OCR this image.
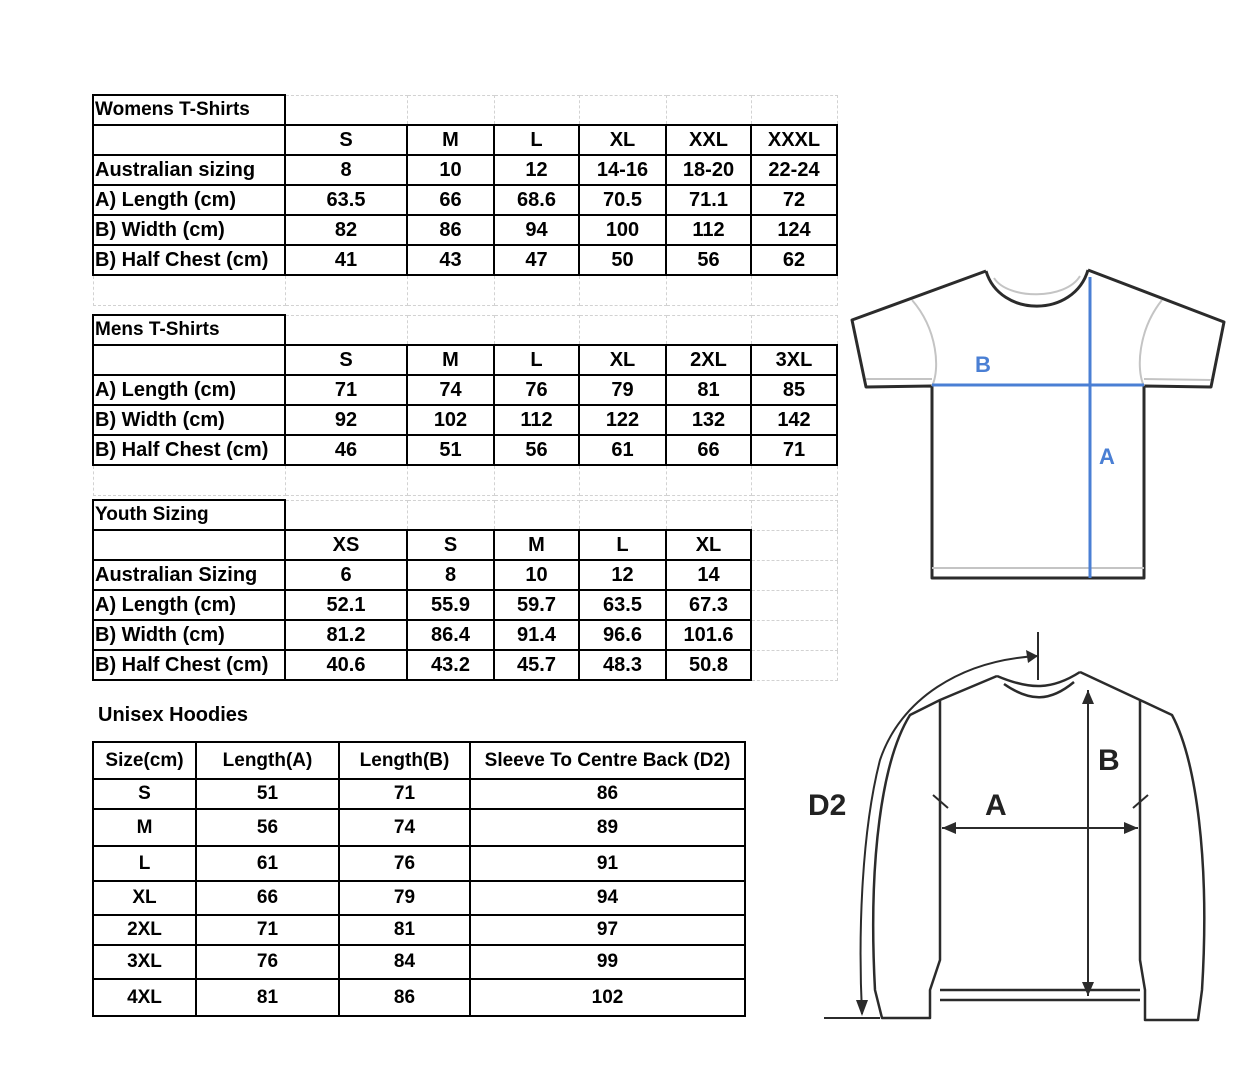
Womens T-Shirts						
	S	M	L	XL	XXL	XXXL
Australian sizing	8	10	12	14-16	18-20	22-24
A) Length (cm)	63.5	66	68.6	70.5	71.1	72
B) Width (cm)	82	86	94	100	112	124
B) Half Chest (cm)	41	43	47	50	56	62

Mens T-Shirts						
	S	M	L	XL	2XL	3XL
A) Length (cm)	71	74	76	79	81	85
B) Width (cm)	92	102	112	122	132	142
B) Half Chest (cm)	46	51	56	61	66	71

Youth Sizing						
	XS	S	M	L	XL	
Australian Sizing	6	8	10	12	14	
A) Length (cm)	52.1	55.9	59.7	63.5	67.3	
B) Width (cm)	81.2	86.4	91.4	96.6	101.6	
B) Half Chest (cm)	40.6	43.2	45.7	48.3	50.8	

Unisex Hoodies

Size(cm)	Length(A)	Length(B)	Sleeve To Centre Back (D2)
S	51	71	86
M	56	74	89
L	61	76	91
XL	66	79	94
2XL	71	81	97
3XL	76	84	99
4XL	81	86	102
B
A
B
A
D2
